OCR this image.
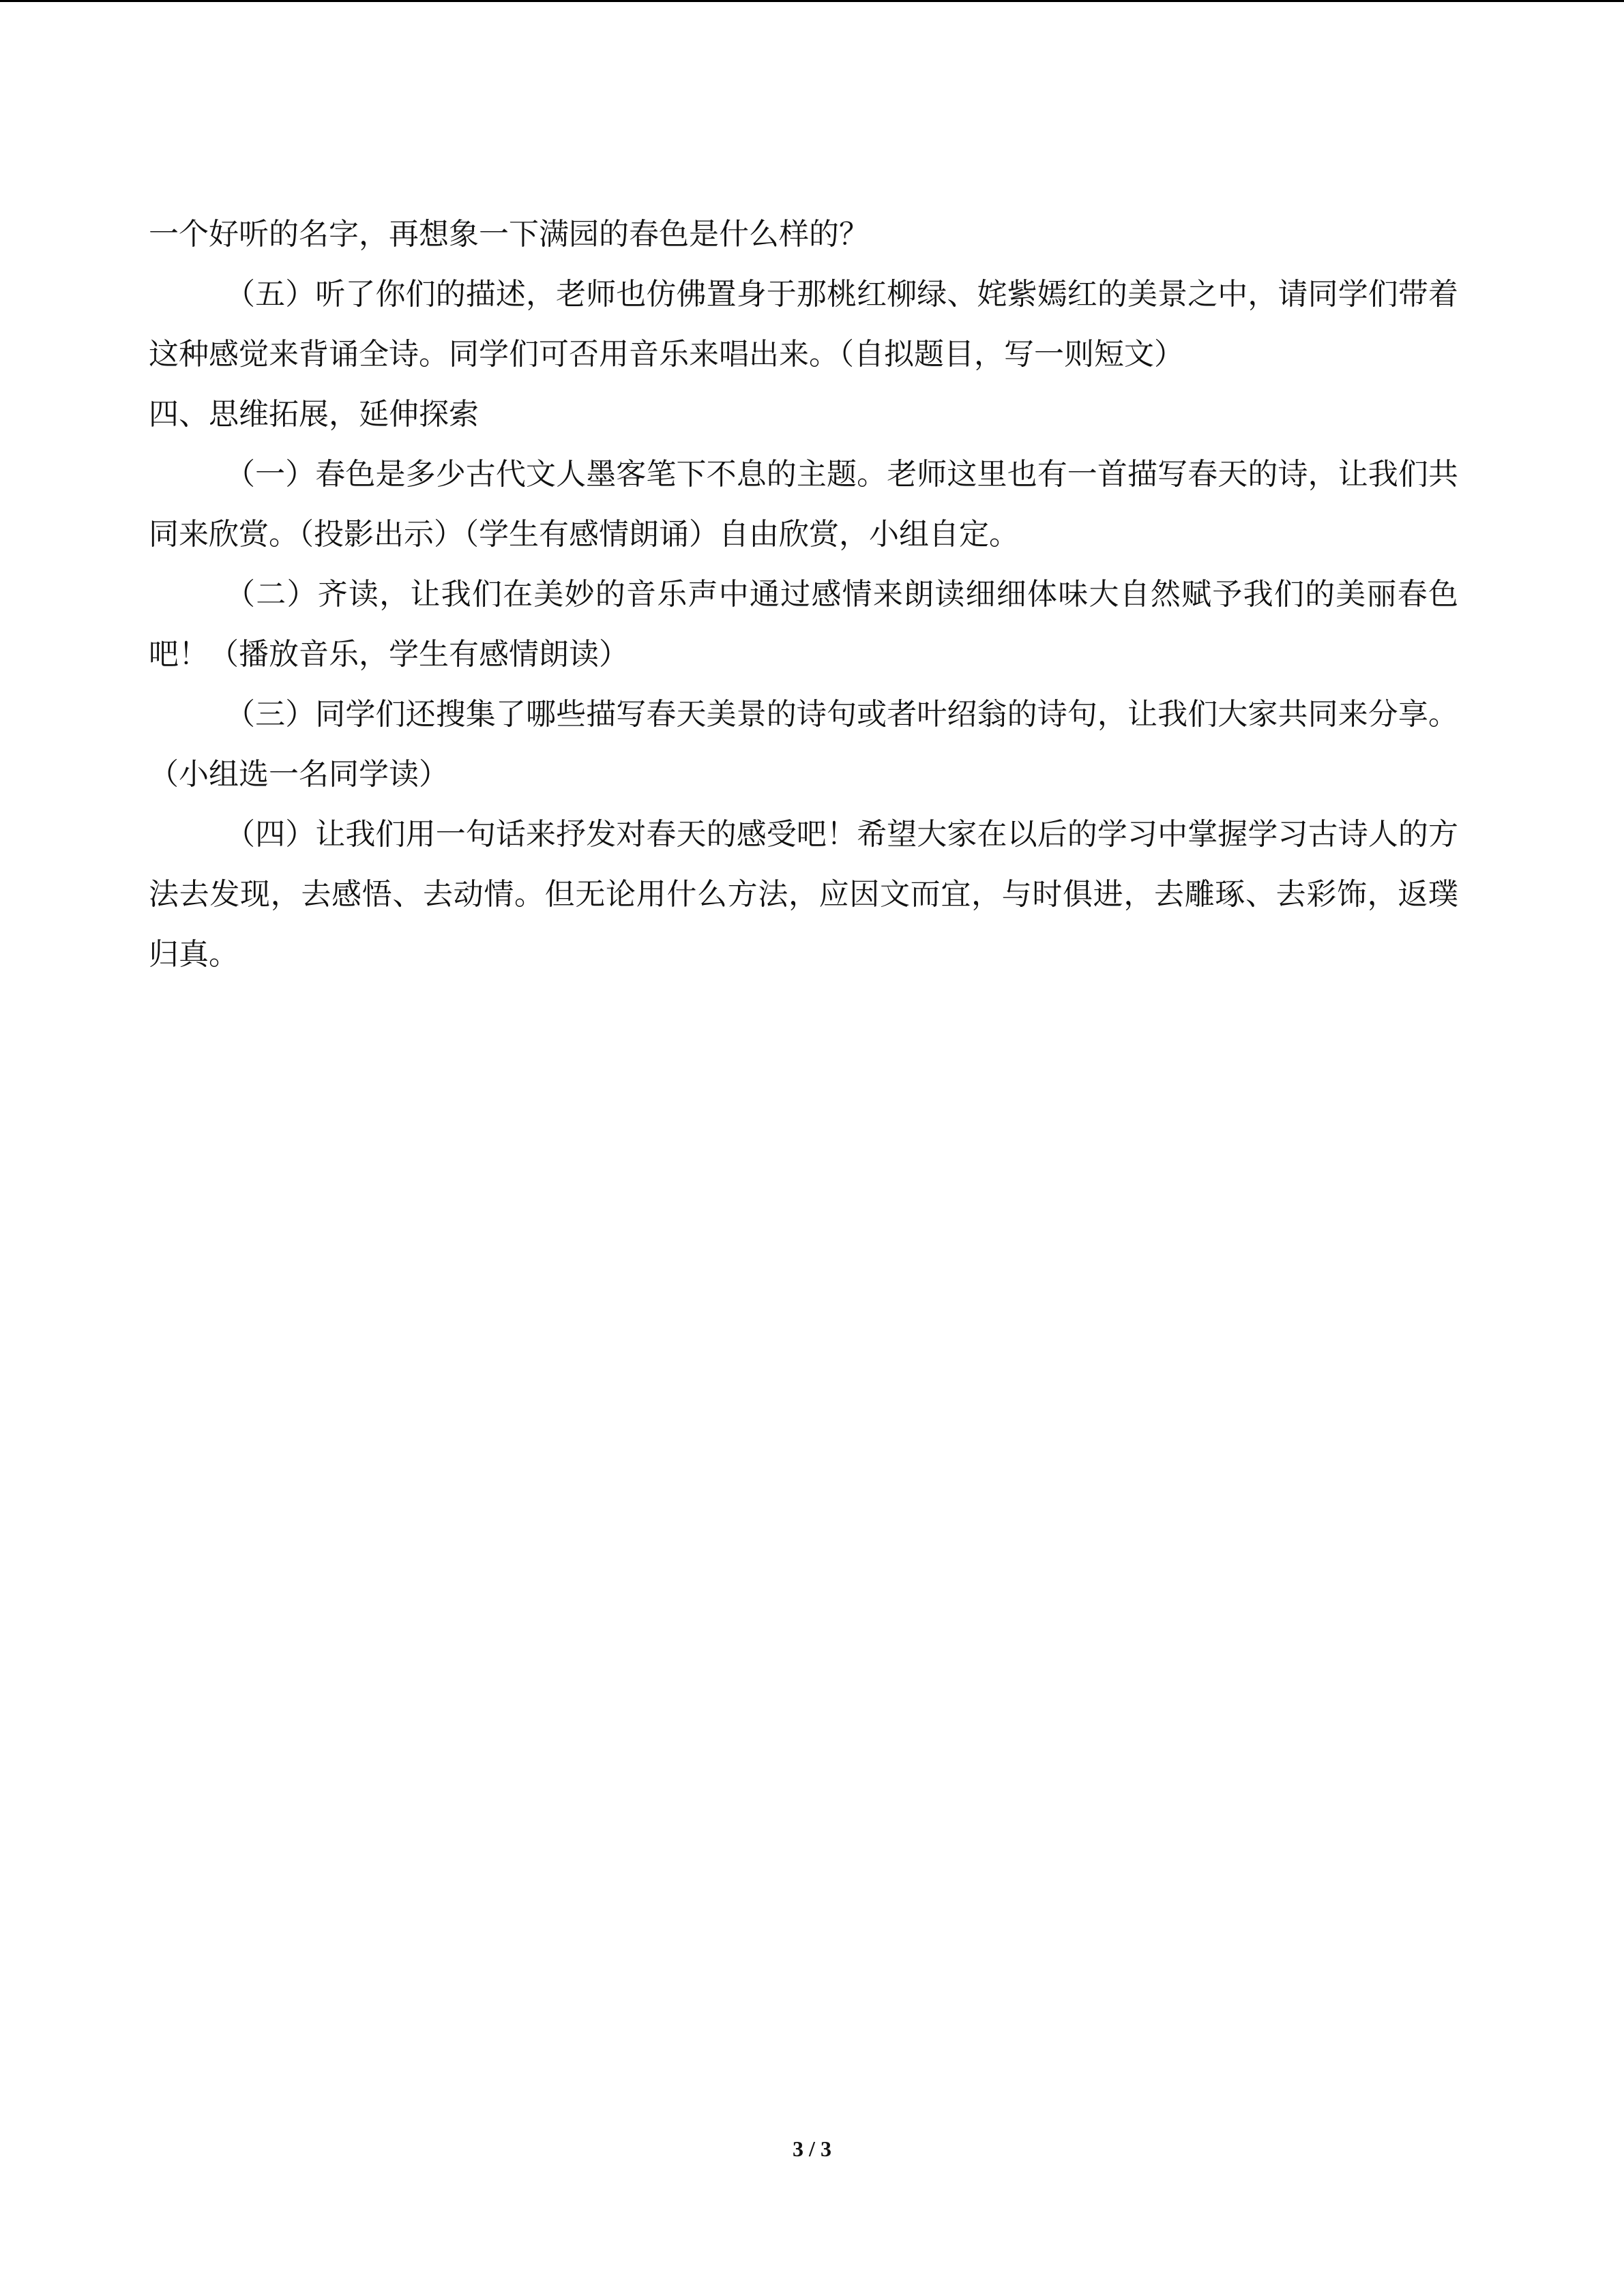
一个好听的名字，再想象一下满园的春色是什么样的？

（五）听了你们的描述，老师也仿佛置身于那桃红柳绿、姹紫嫣红的美景之中，请同学们带着这种感觉来背诵全诗。同学们可否用音乐来唱出来。（自拟题目，写一则短文）

四、思维拓展，延伸探索

（一）春色是多少古代文人墨客笔下不息的主题。老师这里也有一首描写春天的诗，让我们共同来欣赏。（投影出示）（学生有感情朗诵）自由欣赏，小组自定。

（二）齐读，让我们在美妙的音乐声中通过感情来朗读细细体味大自然赋予我们的美丽春色吧！（播放音乐，学生有感情朗读）

（三）同学们还搜集了哪些描写春天美景的诗句或者叶绍翁的诗句，让我们大家共同来分享。（小组选一名同学读）

（四）让我们用一句话来抒发对春天的感受吧！希望大家在以后的学习中掌握学习古诗人的方法去发现，去感悟、去动情。但无论用什么方法，应因文而宜，与时俱进，去雕琢、去彩饰，返璞归真。

3 / 3
